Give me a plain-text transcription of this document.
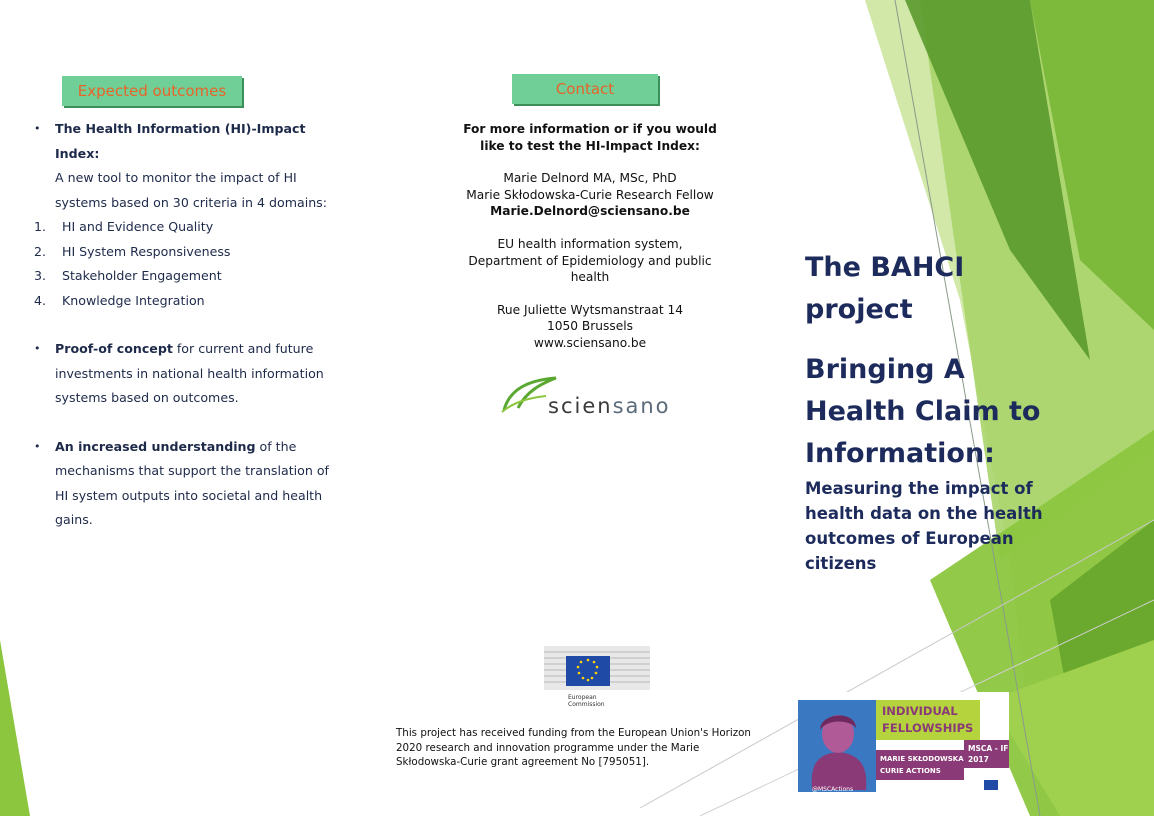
Expected outcomes
• The Health Information (HI)-Impact Index:
A new tool to monitor the impact of HI
systems based on 30 criteria in 4 domains:
1. HI and Evidence Quality
2. HI System Responsiveness
3. Stakeholder Engagement
4. Knowledge Integration
• Proof-of concept for current and future
investments in national health information
systems based on outcomes.
• An increased understanding of the
mechanisms that support the translation of
HI system outputs into societal and health
gains.
Contact
For more information or if you would
like to test the HI-Impact Index:
Marie Delnord MA, MSc, PhD
Marie Skłodowska-Curie Research Fellow
Marie.Delnord@sciensano.be
EU health information system,
Department of Epidemiology and public
health
Rue Juliette Wytsmanstraat 14
1050 Brussels
www.sciensano.be
sciensano
European
Commission
This project has received funding from the European Union's Horizon
2020 research and innovation programme under the Marie
Skłodowska-Curie grant agreement No [795051].
The BAHCI
project
Bringing A
Health Claim to
Information:
Measuring the impact of
health data on the health
outcomes of European
citizens
INDIVIDUAL
FELLOWSHIPS
MSCA - IF
2017
MARIE SKŁODOWSKA
CURIE ACTIONS
@MSCActions
